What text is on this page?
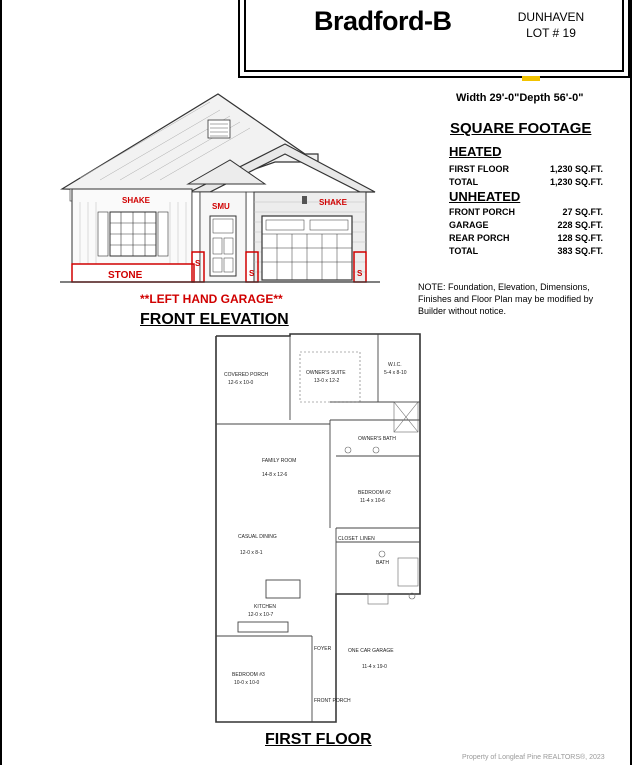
Bradford-B	DUNHAVEN
LOT # 19
Width 29'-0"Depth 56'-0"
SQUARE FOOTAGE
HEATED
FIRST FLOOR	1,230 SQ.FT.
TOTAL	1,230 SQ.FT.
UNHEATED
FRONT PORCH	27 SQ.FT.
GARAGE	228 SQ.FT.
REAR PORCH	128 SQ.FT.
TOTAL	383 SQ.FT.
NOTE: Foundation, Elevation, Dimensions, Finishes and Floor Plan may be modified by Builder without notice.
SHAKE
SMU	SHAKE
STONE
S
S	S
**LEFT HAND GARAGE**
FRONT ELEVATION
COVERED PORCH
12-6 x 10-0
OWNER'S SUITE
13-0 x 12-2
W.I.C.
5-4 x 8-10
OWNER'S BATH
FAMILY ROOM
14-8 x 12-6
BEDROOM #2
11-4 x 10-6
CASUAL DINING
12-0 x 8-1
KITCHEN
12-0 x 10-7
BATH
CLOSET LINEN
ONE CAR GARAGE
11-4 x 19-0
BEDROOM #3
10-0 x 10-0
FOYER
FRONT PORCH
FIRST FLOOR
Property of Longleaf Pine REALTORS®, 2023
